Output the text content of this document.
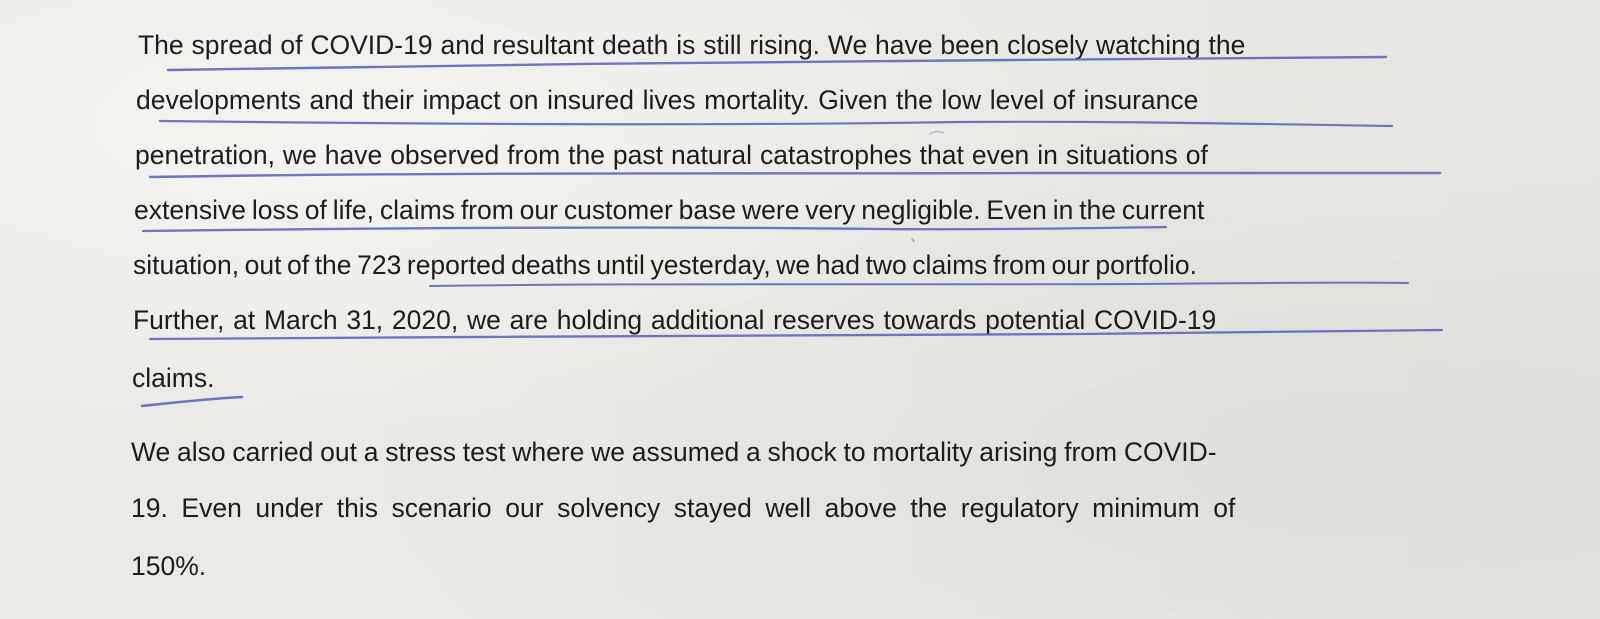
The spread of COVID-19 and resultant death is still rising. We have been closely watching the
developments and their impact on insured lives mortality. Given the low level of insurance
penetration, we have observed from the past natural catastrophes that even in situations of
extensive loss of life, claims from our customer base were very negligible. Even in the current
situation, out of the 723 reported deaths until yesterday, we had two claims from our portfolio.
Further, at March 31, 2020, we are holding additional reserves towards potential COVID-19
claims.
We also carried out a stress test where we assumed a shock to mortality arising from COVID-
19. Even under this scenario our solvency stayed well above the regulatory minimum of
150%.
